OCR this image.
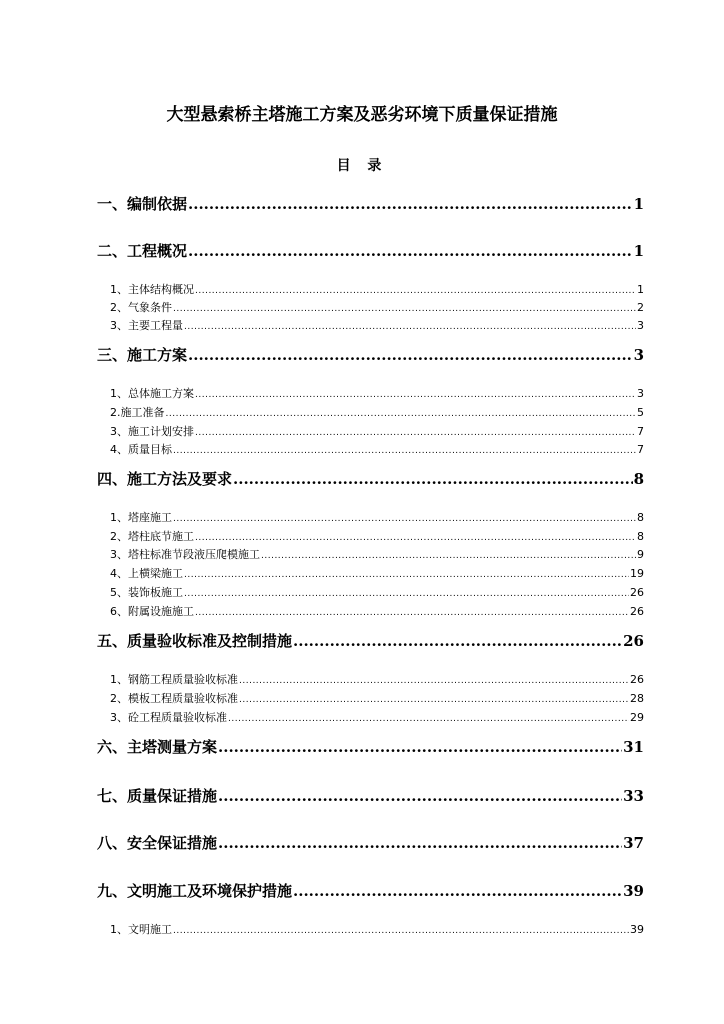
大型悬索桥主塔施工方案及恶劣环境下质量保证措施
目 录
一、编制依据 .....	1
二、工程概况 .....	1
1、主体结构概况 .....	1
2、气象条件 .....	2
3、主要工程量 .....	3
三、施工方案 .....	3
1、总体施工方案 .....	3
2.施工准备 .....	5
3、施工计划安排 .....	7
4、质量目标 .....	7
四、施工方法及要求 .....	8
1、塔座施工 .....	8
2、塔柱底节施工 .....	8
3、塔柱标准节段液压爬模施工 .....	9
4、上横梁施工 .....	19
5、装饰板施工 .....	26
6、附属设施施工 .....	26
五、质量验收标准及控制措施 .....	26
1、钢筋工程质量验收标准 .....	26
2、模板工程质量验收标准 .....	28
3、砼工程质量验收标准 .....	29
六、主塔测量方案 .....	31
七、质量保证措施 .....	33
八、安全保证措施 .....	37
九、文明施工及环境保护措施 .....	39
1、文明施工 .....	39
